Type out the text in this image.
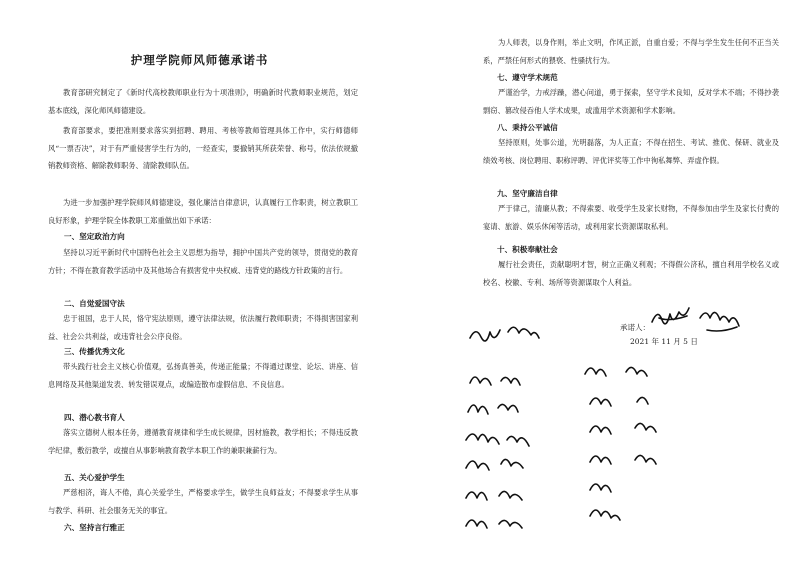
护理学院师风师德承诺书
教育部研究制定了《新时代高校教师职业行为十项准则》，明确新时代教师职业规范，划定基本底线，深化师风师德建设。
教育部要求，要把准则要求落实到招聘、聘用、考核等教师管理具体工作中，实行师德师风“一票否决”，对于有严重侵害学生行为的，一经查实，要撤销其所获荣誉、称号，依法依规撤销教师资格、解除教师职务、清除教师队伍。
为进一步加强护理学院师风师德建设，强化廉洁自律意识，认真履行工作职责，树立教职工良好形象，护理学院全体教职工郑重做出如下承诺：
一、坚定政治方向
坚持以习近平新时代中国特色社会主义思想为指导，拥护中国共产党的领导，贯彻党的教育方针；不得在教育教学活动中及其他场合有损害党中央权威、违背党的路线方针政策的言行。
二、自觉爱国守法
忠于祖国，忠于人民，恪守宪法原则，遵守法律法规，依法履行教师职责；不得损害国家利益、社会公共利益，或违背社会公序良俗。
三、传播优秀文化
带头践行社会主义核心价值观，弘扬真善美，传递正能量；不得通过课堂、论坛、讲座、信息网络及其他渠道发表、转发错误观点，或编造散布虚假信息、不良信息。
四、潜心教书育人
落实立德树人根本任务，遵循教育规律和学生成长规律，因材施教，教学相长；不得违反教学纪律，敷衍教学，或擅自从事影响教育教学本职工作的兼职兼薪行为。
五、关心爱护学生
严慈相济，诲人不倦，真心关爱学生，严格要求学生，做学生良师益友；不得要求学生从事与教学、科研、社会服务无关的事宜。
六、坚持言行雅正
为人师表，以身作则，举止文明，作风正派，自重自爱；不得与学生发生任何不正当关系，严禁任何形式的猥亵、性骚扰行为。
七、遵守学术规范
严谨治学，力戒浮躁，潜心问道，勇于探索，坚守学术良知，反对学术不端；不得抄袭剽窃、篡改侵吞他人学术成果，或滥用学术资源和学术影响。
八、秉持公平诚信
坚持原则，处事公道，光明磊落，为人正直；不得在招生、考试、推优、保研、就业及绩效考核、岗位聘用、职称评聘、评优评奖等工作中徇私舞弊、弄虚作假。
九、坚守廉洁自律
严于律己，清廉从教；不得索要、收受学生及家长财物，不得参加由学生及家长付费的宴请、旅游、娱乐休闲等活动，或利用家长资源谋取私利。
十、积极奉献社会
履行社会责任，贡献聪明才智，树立正确义利观；不得假公济私，擅自利用学校名义或校名、校徽、专利、场所等资源谋取个人利益。
承诺人：
2021 年 11 月 5 日
